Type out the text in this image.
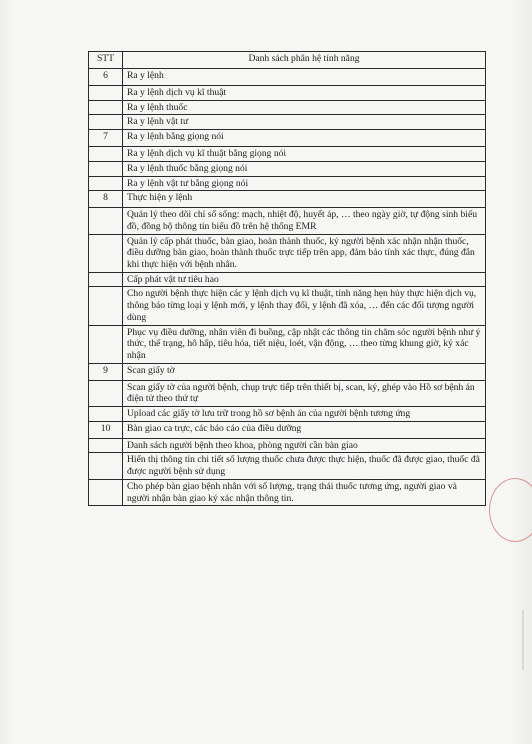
STT	Danh sách phân hệ tính năng
6	Ra y lệnh
	Ra y lệnh dịch vụ kĩ thuật
	Ra y lệnh thuốc
	Ra y lệnh vật tư
7	Ra y lệnh bằng giọng nói
	Ra y lệnh dịch vụ kĩ thuật bằng giọng nói
	Ra y lệnh thuốc bằng giọng nói
	Ra y lệnh vật tư bằng giọng nói
8	Thực hiện y lệnh
	Quản lý theo dõi chỉ số sống: mạch, nhiệt độ, huyết áp, … theo ngày giờ, tự động sinh biểu đồ, đồng bộ thông tin biểu đồ trên hệ thống EMR
	Quản lý cấp phát thuốc, bàn giao, hoàn thành thuốc, ký người bệnh xác nhận nhận thuốc, điều dưỡng bàn giao, hoàn thành thuốc trực tiếp trên app, đảm bảo tính xác thực, đúng đắn khi thực hiện với bệnh nhân.
	Cấp phát vật tư tiêu hao
	Cho người bệnh thực hiện các y lệnh dịch vụ kĩ thuật, tính năng hẹn hủy thực hiện dịch vụ, thông báo từng loại y lệnh mới, y lệnh thay đổi, y lệnh đã xóa, … đến các đối tượng người dùng
	Phục vụ điều dưỡng, nhân viên đi buồng, cập nhật các thông tin chăm sóc người bệnh như ý thức, thể trạng, hô hấp, tiêu hóa, tiết niệu, loét, vận động, … theo từng khung giờ, ký xác nhận
9	Scan giấy tờ
	Scan giấy tờ của người bệnh, chụp trực tiếp trên thiết bị, scan, ký, ghép vào Hồ sơ bệnh án điện tử theo thứ tự
	Upload các giấy tờ lưu trữ trong hồ sơ bệnh án của người bệnh tương ứng
10	Bàn giao ca trực, các báo cáo của điều dưỡng
	Danh sách người bệnh theo khoa, phòng người cần bàn giao
	Hiển thị thông tin chi tiết số lượng thuốc chưa được thực hiện, thuốc đã được giao, thuốc đã được người bệnh sử dụng
	Cho phép bàn giao bệnh nhân với số lượng, trạng thái thuốc tương ứng, người giao và người nhận bàn giao ký xác nhận thông tin.
